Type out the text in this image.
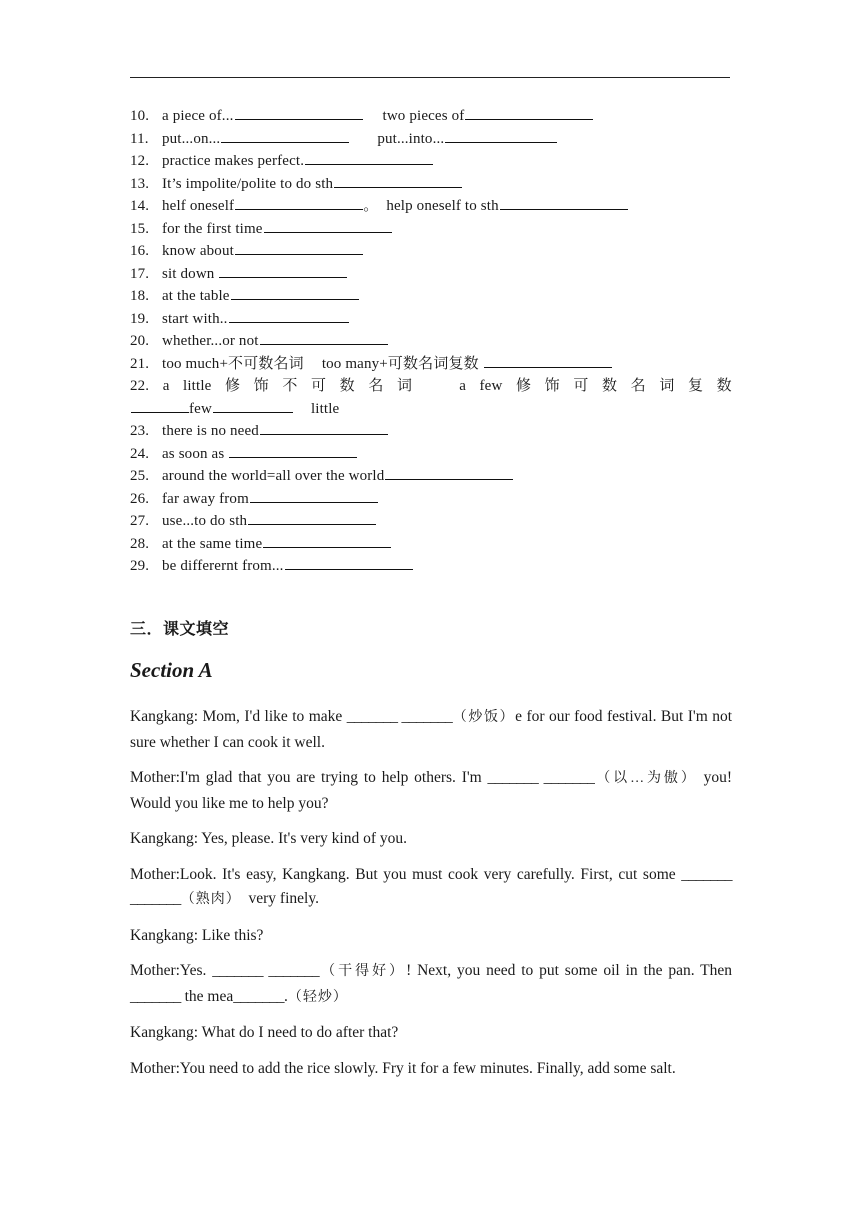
10. a piece of...	two pieces of
11. put...on...	put...into...
12. practice makes perfect.
13. It’s impolite/polite to do sth
14. helf oneself	。 help oneself to sth
15. for the first time
16. know about
17. sit down
18. at the table
19. start with..
20. whether...or not
21. too much+不可数名词 too many+可数名词复数
22. a little 修 饰 不 可 数 名 词	a few 修 饰 可 数 名 词 复 数
few	little
23. there is no need
24. as soon as
25. around the world=all over the world
26. far away from
27. use...to do sth
28. at the same time
29. be differernt from...
三．课文填空
Section A

Kangkang: Mom, I'd like to make _______ _______（炒饭）e for our food festival. But I'm not sure whether I can cook it well.

Mother:I'm glad that you are trying to help others. I'm _______ _______（以…为傲） you! Would you like me to help you?

Kangkang: Yes, please. It's very kind of you.

Mother:Look. It's easy, Kangkang. But you must cook very carefully. First, cut some _______ _______（熟肉）  very finely.

Kangkang: Like this?

Mother:Yes. _______ _______（干得好）! Next, you need to put some oil in the pan. Then _______ the mea_______.（轻炒）

Kangkang: What do I need to do after that?

Mother:You need to add the rice slowly. Fry it for a few minutes. Finally, add some salt.
